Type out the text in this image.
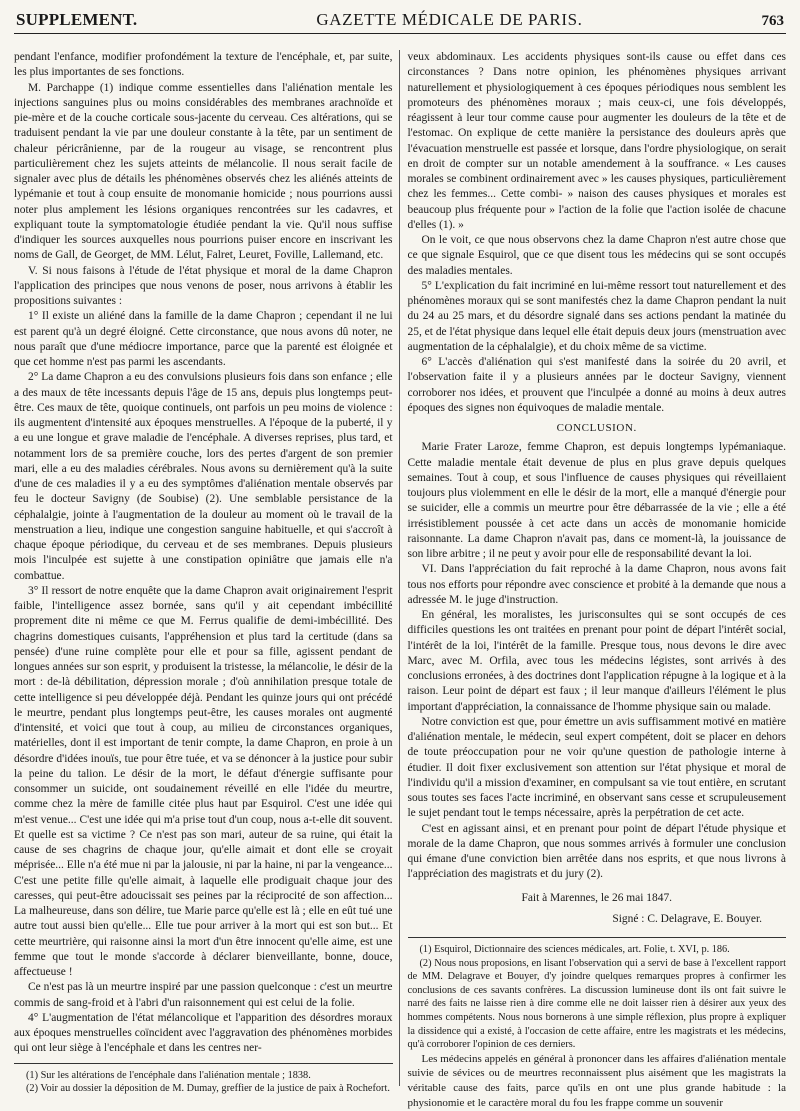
SUPPLEMENT.	GAZETTE MÉDICALE DE PARIS.	763

pendant l'enfance, modifier profondément la texture de l'encéphale, et, par suite, les plus importantes de ses fonctions.

M. Parchappe (1) indique comme essentielles dans l'aliénation mentale les injections sanguines plus ou moins considérables des membranes arachnoïde et pie-mère et de la couche corticale sous-jacente du cerveau. Ces altérations, qui se traduisent pendant la vie par une douleur constante à la tête, par un sentiment de chaleur péricrânienne, par de la rougeur au visage, se rencontrent plus particulièrement chez les sujets atteints de mélancolie. Il nous serait facile de signaler avec plus de détails les phénomènes observés chez les aliénés atteints de lypémanie et tout à coup ensuite de monomanie homicide ; nous pourrions aussi noter plus amplement les lésions organiques rencontrées sur les cadavres, et expliquant toute la symptomatologie étudiée pendant la vie. Qu'il nous suffise d'indiquer les sources auxquelles nous pourrions puiser encore en inscrivant les noms de Gall, de Georget, de MM. Lélut, Falret, Leuret, Foville, Lallemand, etc.

V. Si nous faisons à l'étude de l'état physique et moral de la dame Chapron l'application des principes que nous venons de poser, nous arrivons à établir les propositions suivantes :

1° Il existe un aliéné dans la famille de la dame Chapron ; cependant il ne lui est parent qu'à un degré éloigné. Cette circonstance, que nous avons dû noter, ne nous paraît que d'une médiocre importance, parce que la parenté est éloignée et que cet homme n'est pas parmi les ascendants.

2° La dame Chapron a eu des convulsions plusieurs fois dans son enfance ; elle a des maux de tête incessants depuis l'âge de 15 ans, depuis plus longtemps peut-être. Ces maux de tête, quoique continuels, ont parfois un peu moins de violence : ils augmentent d'intensité aux époques menstruelles. A l'époque de la puberté, il y a eu une longue et grave maladie de l'encéphale. A diverses reprises, plus tard, et notamment lors de sa première couche, lors des pertes d'argent de son premier mari, elle a eu des maladies cérébrales. Nous avons su dernièrement qu'à la suite d'une de ces maladies il y a eu des symptômes d'aliénation mentale observés par feu le docteur Savigny (de Soubise) (2). Une semblable persistance de la céphalalgie, jointe à l'augmentation de la douleur au moment où le travail de la menstruation a lieu, indique une congestion sanguine habituelle, et qui s'accroît à chaque époque périodique, du cerveau et de ses membranes. Depuis plusieurs mois l'inculpée est sujette à une constipation opiniâtre que jamais elle n'a combattue.

3° Il ressort de notre enquête que la dame Chapron avait originairement l'esprit faible, l'intelligence assez bornée, sans qu'il y ait cependant imbécillité proprement dite ni même ce que M. Ferrus qualifie de demi-imbécillité. Des chagrins domestiques cuisants, l'appréhension et plus tard la certitude (dans sa pensée) d'une ruine complète pour elle et pour sa fille, agissent pendant de longues années sur son esprit, y produisent la tristesse, la mélancolie, le désir de la mort : de-là débilitation, dépression morale ; d'où annihilation presque totale de cette intelligence si peu développée déjà. Pendant les quinze jours qui ont précédé le meurtre, pendant plus longtemps peut-être, les causes morales ont augmenté d'intensité, et voici que tout à coup, au milieu de circonstances organiques, matérielles, dont il est important de tenir compte, la dame Chapron, en proie à un désordre d'idées inouïs, tue pour être tuée, et va se dénoncer à la justice pour subir la peine du talion. Le désir de la mort, le défaut d'énergie suffisante pour consommer un suicide, ont soudainement réveillé en elle l'idée du meurtre, comme chez la mère de famille citée plus haut par Esquirol. C'est une idée qui m'est venue... C'est une idée qui m'a prise tout d'un coup, nous a-t-elle dit souvent. Et quelle est sa victime ? Ce n'est pas son mari, auteur de sa ruine, qui était la cause de ses chagrins de chaque jour, qu'elle aimait et dont elle se croyait méprisée... Elle n'a été mue ni par la jalousie, ni par la haine, ni par la vengeance... C'est une petite fille qu'elle aimait, à laquelle elle prodiguait chaque jour des caresses, qui peut-être adoucissait ses peines par la réciprocité de son affection... La malheureuse, dans son délire, tue Marie parce qu'elle est là ; elle en eût tué une autre tout aussi bien qu'elle... Elle tue pour arriver à la mort qui est son but... Et cette meurtrière, qui raisonne ainsi la mort d'un être innocent qu'elle aime, est une femme que tout le monde s'accorde à déclarer bienveillante, bonne, douce, affectueuse !

Ce n'est pas là un meurtre inspiré par une passion quelconque : c'est un meurtre commis de sang-froid et à l'abri d'un raisonnement qui est celui de la folie.

4° L'augmentation de l'état mélancolique et l'apparition des désordres moraux aux époques menstruelles coïncident avec l'aggravation des phénomènes morbides qui ont leur siège à l'encéphale et dans les centres ner-

(1) Sur les altérations de l'encéphale dans l'aliénation mentale ; 1838.

(2) Voir au dossier la déposition de M. Dumay, greffier de la justice de paix à Rochefort.

veux abdominaux. Les accidents physiques sont-ils cause ou effet dans ces circonstances ? Dans notre opinion, les phénomènes physiques arrivant naturellement et physiologiquement à ces époques périodiques nous semblent les promoteurs des phénomènes moraux ; mais ceux-ci, une fois développés, réagissent à leur tour comme cause pour augmenter les douleurs de la tête et de l'estomac. On explique de cette manière la persistance des douleurs après que l'évacuation menstruelle est passée et lorsque, dans l'ordre physiologique, on serait en droit de compter sur un notable amendement à la souffrance. « Les causes morales se combinent ordinairement avec » les causes physiques, particulièrement chez les femmes... Cette combi- » naison des causes physiques et morales est beaucoup plus fréquente pour » l'action de la folie que l'action isolée de chacune d'elles (1). »

On le voit, ce que nous observons chez la dame Chapron n'est autre chose que ce que signale Esquirol, que ce que disent tous les médecins qui se sont occupés des maladies mentales.

5° L'explication du fait incriminé en lui-même ressort tout naturellement et des phénomènes moraux qui se sont manifestés chez la dame Chapron pendant la nuit du 24 au 25 mars, et du désordre signalé dans ses actions pendant la matinée du 25, et de l'état physique dans lequel elle était depuis deux jours (menstruation avec augmentation de la céphalalgie), et du choix même de sa victime.

6° L'accès d'aliénation qui s'est manifesté dans la soirée du 20 avril, et l'observation faite il y a plusieurs années par le docteur Savigny, viennent corroborer nos idées, et prouvent que l'inculpée a donné au moins à deux autres époques des signes non équivoques de maladie mentale.

CONCLUSION.

Marie Frater Laroze, femme Chapron, est depuis longtemps lypémaniaque. Cette maladie mentale était devenue de plus en plus grave depuis quelques semaines. Tout à coup, et sous l'influence de causes physiques qui réveillaient toujours plus violemment en elle le désir de la mort, elle a manqué d'énergie pour se suicider, elle a commis un meurtre pour être débarrassée de la vie ; elle a été irrésistiblement poussée à cet acte dans un accès de monomanie homicide raisonnante. La dame Chapron n'avait pas, dans ce moment-là, la jouissance de son libre arbitre ; il ne peut y avoir pour elle de responsabilité devant la loi.

VI. Dans l'appréciation du fait reproché à la dame Chapron, nous avons fait tous nos efforts pour répondre avec conscience et probité à la demande que nous a adressée M. le juge d'instruction.

En général, les moralistes, les jurisconsultes qui se sont occupés de ces difficiles questions les ont traitées en prenant pour point de départ l'intérêt social, l'intérêt de la loi, l'intérêt de la famille. Presque tous, nous devons le dire avec Marc, avec M. Orfila, avec tous les médecins légistes, sont arrivés à des conclusions erronées, à des doctrines dont l'application répugne à la logique et à la raison. Leur point de départ est faux ; il leur manque d'ailleurs l'élément le plus important d'appréciation, la connaissance de l'homme physique sain ou malade.

Notre conviction est que, pour émettre un avis suffisamment motivé en matière d'aliénation mentale, le médecin, seul expert compétent, doit se placer en dehors de toute préoccupation pour ne voir qu'une question de pathologie interne à étudier. Il doit fixer exclusivement son attention sur l'état physique et moral de l'individu qu'il a mission d'examiner, en compulsant sa vie tout entière, en scrutant sous toutes ses faces l'acte incriminé, en observant sans cesse et scrupuleusement le sujet pendant tout le temps nécessaire, après la perpétration de cet acte.

C'est en agissant ainsi, et en prenant pour point de départ l'étude physique et morale de la dame Chapron, que nous sommes arrivés à formuler une conclusion qui émane d'une conviction bien arrêtée dans nos esprits, et que nous livrons à l'appréciation des magistrats et du jury (2).

Fait à Marennes, le 26 mai 1847.

Signé : C. Delagrave, E. Bouyer.

(1) Esquirol, Dictionnaire des sciences médicales, art. Folie, t. XVI, p. 186.

(2) Nous nous proposions, en lisant l'observation qui a servi de base à l'excellent rapport de MM. Delagrave et Bouyer, d'y joindre quelques remarques propres à confirmer les conclusions de ces savants confrères. La discussion lumineuse dont ils ont fait suivre le narré des faits ne laisse rien à dire comme elle ne doit laisser rien à désirer aux yeux des hommes compétents. Nous nous bornerons à une simple réflexion, plus propre à expliquer la dissidence qui a existé, à l'occasion de cette affaire, entre les magistrats et les médecins, qu'à corroborer l'opinion de ces derniers.

Les médecins appelés en général à prononcer dans les affaires d'aliénation mentale suivie de sévices ou de meurtres reconnaissent plus aisément que les magistrats la véritable cause des faits, parce qu'ils en ont une plus grande habitude : la physionomie et le caractère moral du fou les frappe comme un souvenir
